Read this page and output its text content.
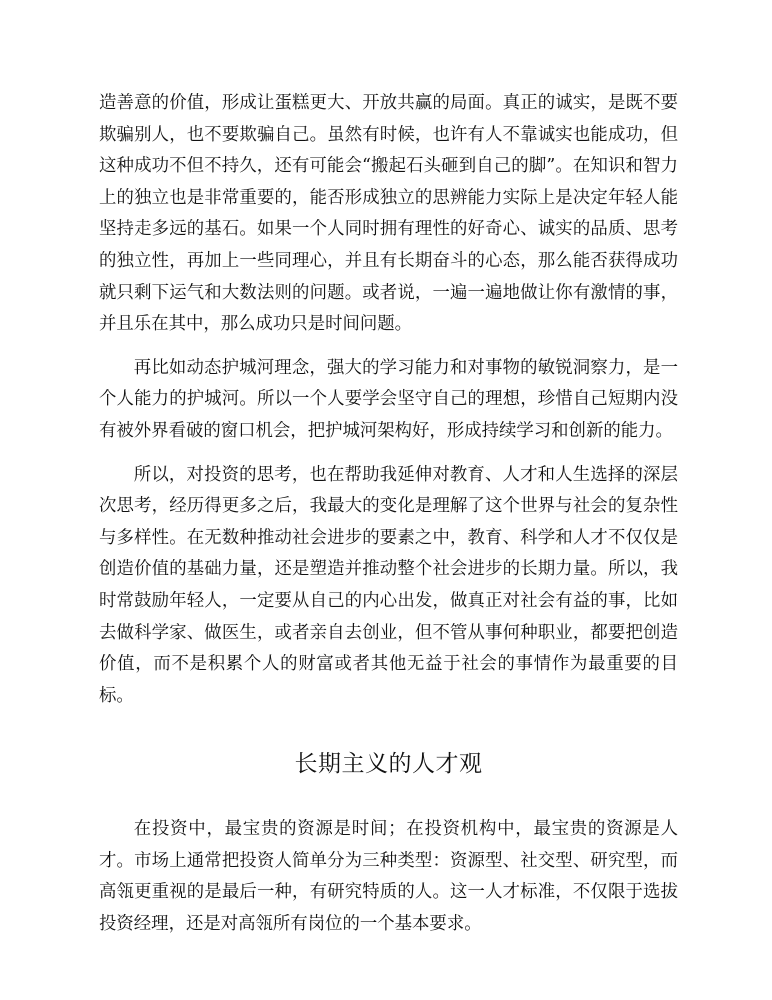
造善意的价值，形成让蛋糕更大、开放共赢的局面。真正的诚实，是既不要欺骗别人，也不要欺骗自己。虽然有时候，也许有人不靠诚实也能成功，但这种成功不但不持久，还有可能会“搬起石头砸到自己的脚”。在知识和智力上的独立也是非常重要的，能否形成独立的思辨能力实际上是决定年轻人能坚持走多远的基石。如果一个人同时拥有理性的好奇心、诚实的品质、思考的独立性，再加上一些同理心，并且有长期奋斗的心态，那么能否获得成功就只剩下运气和大数法则的问题。或者说，一遍一遍地做让你有激情的事，并且乐在其中，那么成功只是时间问题。

再比如动态护城河理念，强大的学习能力和对事物的敏锐洞察力，是一个人能力的护城河。所以一个人要学会坚守自己的理想，珍惜自己短期内没有被外界看破的窗口机会，把护城河架构好，形成持续学习和创新的能力。

所以，对投资的思考，也在帮助我延伸对教育、人才和人生选择的深层次思考，经历得更多之后，我最大的变化是理解了这个世界与社会的复杂性与多样性。在无数种推动社会进步的要素之中，教育、科学和人才不仅仅是创造价值的基础力量，还是塑造并推动整个社会进步的长期力量。所以，我时常鼓励年轻人，一定要从自己的内心出发，做真正对社会有益的事，比如去做科学家、做医生，或者亲自去创业，但不管从事何种职业，都要把创造价值，而不是积累个人的财富或者其他无益于社会的事情作为最重要的目标。

长期主义的人才观

在投资中，最宝贵的资源是时间；在投资机构中，最宝贵的资源是人才。市场上通常把投资人简单分为三种类型：资源型、社交型、研究型，而高瓴更重视的是最后一种，有研究特质的人。这一人才标准，不仅限于选拔投资经理，还是对高瓴所有岗位的一个基本要求。
